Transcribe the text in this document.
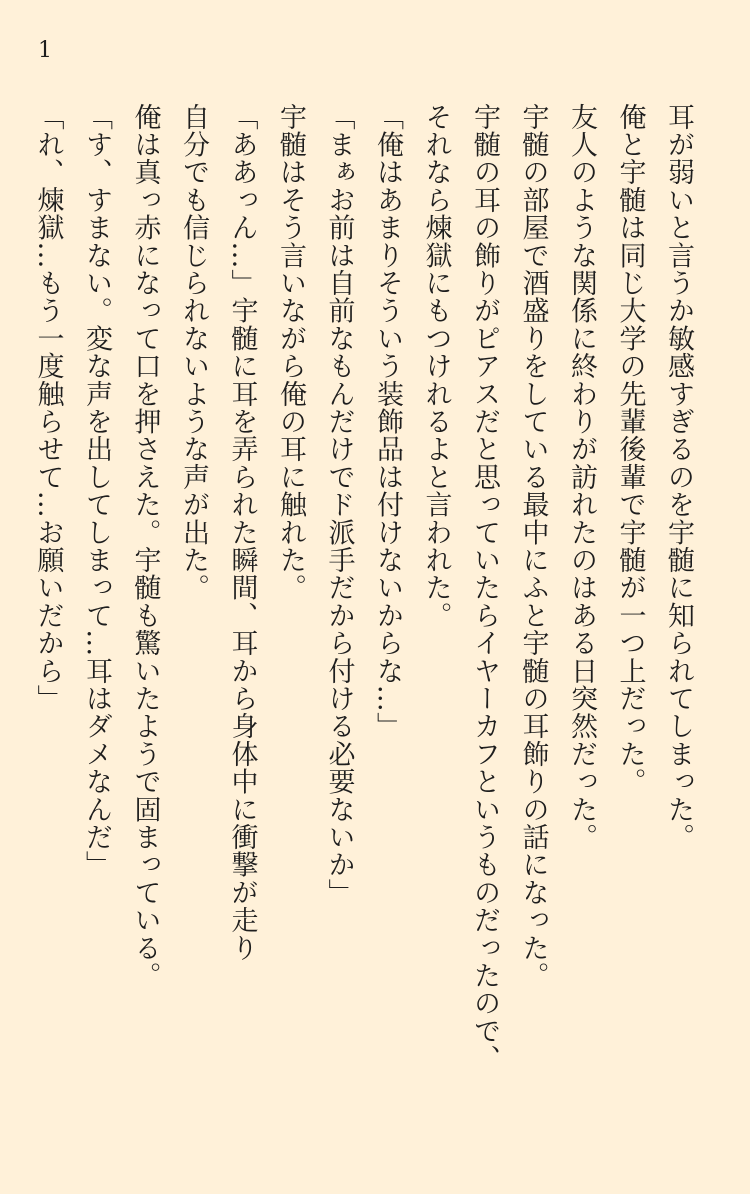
1
耳が弱いと言うか敏感すぎるのを宇髄に知られてしまった。
俺と宇髄は同じ大学の先輩後輩で宇髄が一つ上だった。
友人のような関係に終わりが訪れたのはある日突然だった。
宇髄の部屋で酒盛りをしている最中にふと宇髄の耳飾りの話になった。
宇髄の耳の飾りがピアスだと思っていたらイヤーカフというものだったので、
それなら煉獄にもつけれるよと言われた。
「俺はあまりそういう装飾品は付けないからな…」
「まぁお前は自前なもんだけでド派手だから付ける必要ないか」
宇髄はそう言いながら俺の耳に触れた。
「ああっん…」宇髄に耳を弄られた瞬間、耳から身体中に衝撃が走り
自分でも信じられないような声が出た。
俺は真っ赤になって口を押さえた。宇髄も驚いたようで固まっている。
「す、すまない。変な声を出してしまって…耳はダメなんだ」
「れ、煉獄…もう一度触らせて…お願いだから」
